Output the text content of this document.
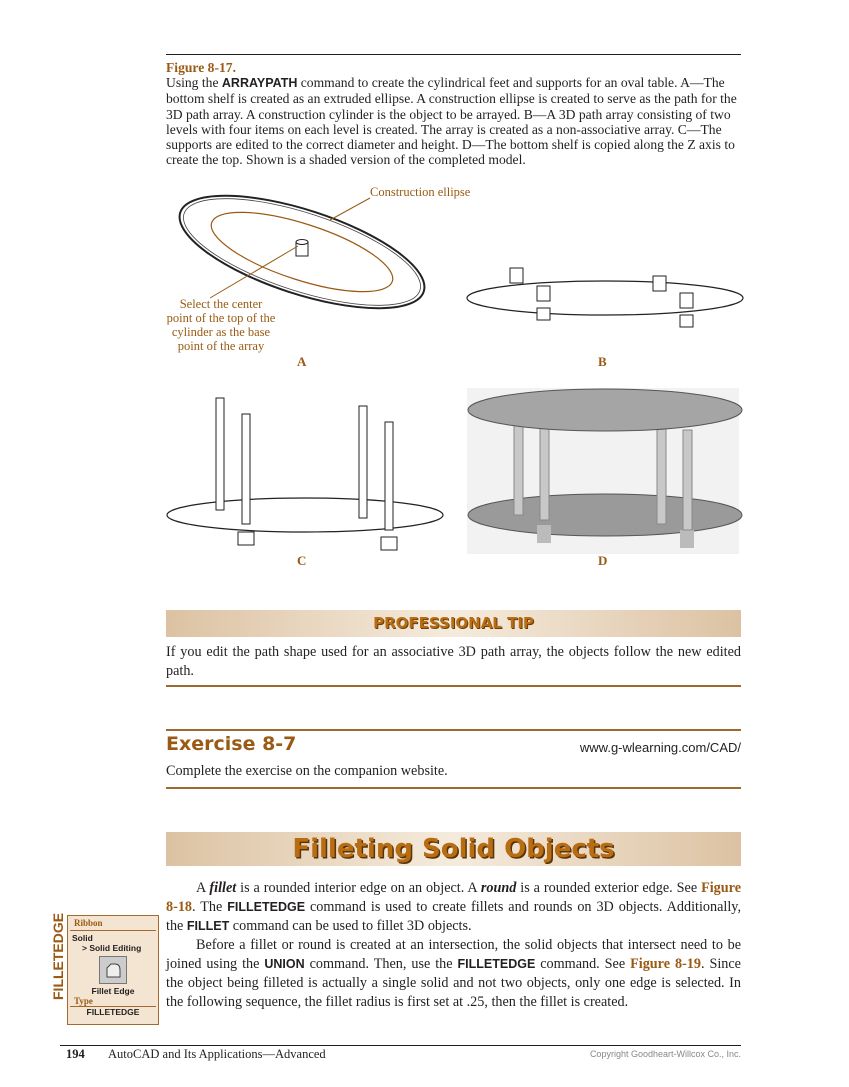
Figure 8-17.
Using the ARRAYPATH command to create the cylindrical feet and supports for an oval table. A—The bottom shelf is created as an extruded ellipse. A construction ellipse is created to serve as the path for the 3D path array. A construction cylinder is the object to be arrayed. B—A 3D path array consisting of two levels with four items on each level is created. The array is created as a non-associative array. C—The supports are edited to the correct diameter and height. D—The bottom shelf is copied along the Z axis to create the top. Shown is a shaded version of the completed model.
Construction ellipse
Select the center point of the top of the cylinder as the base point of the array
A	B
C	D
PROFESSIONAL TIP
If you edit the path shape used for an associative 3D path array, the objects follow the new edited path.
Exercise 8-7	www.g-wlearning.com/CAD/
Complete the exercise on the companion website.
Filleting Solid Objects
A fillet is a rounded interior edge on an object. A round is a rounded exterior edge. See Figure 8-18. The FILLETEDGE command is used to create fillets and rounds on 3D objects. Additionally, the FILLET command can be used to fillet 3D objects.
Before a fillet or round is created at an intersection, the solid objects that intersect need to be joined using the UNION command. Then, use the FILLETEDGE command. See Figure 8-19. Since the object being filleted is actually a single solid and not two objects, only one edge is selected. In the following sequence, the fillet radius is first set at .25, then the fillet is created.
FILLETEDGE Ribbon
Solid
> Solid Editing
Fillet Edge
Type
FILLETEDGE
194 AutoCAD and Its Applications—Advanced	Copyright Goodheart-Willcox Co., Inc.
